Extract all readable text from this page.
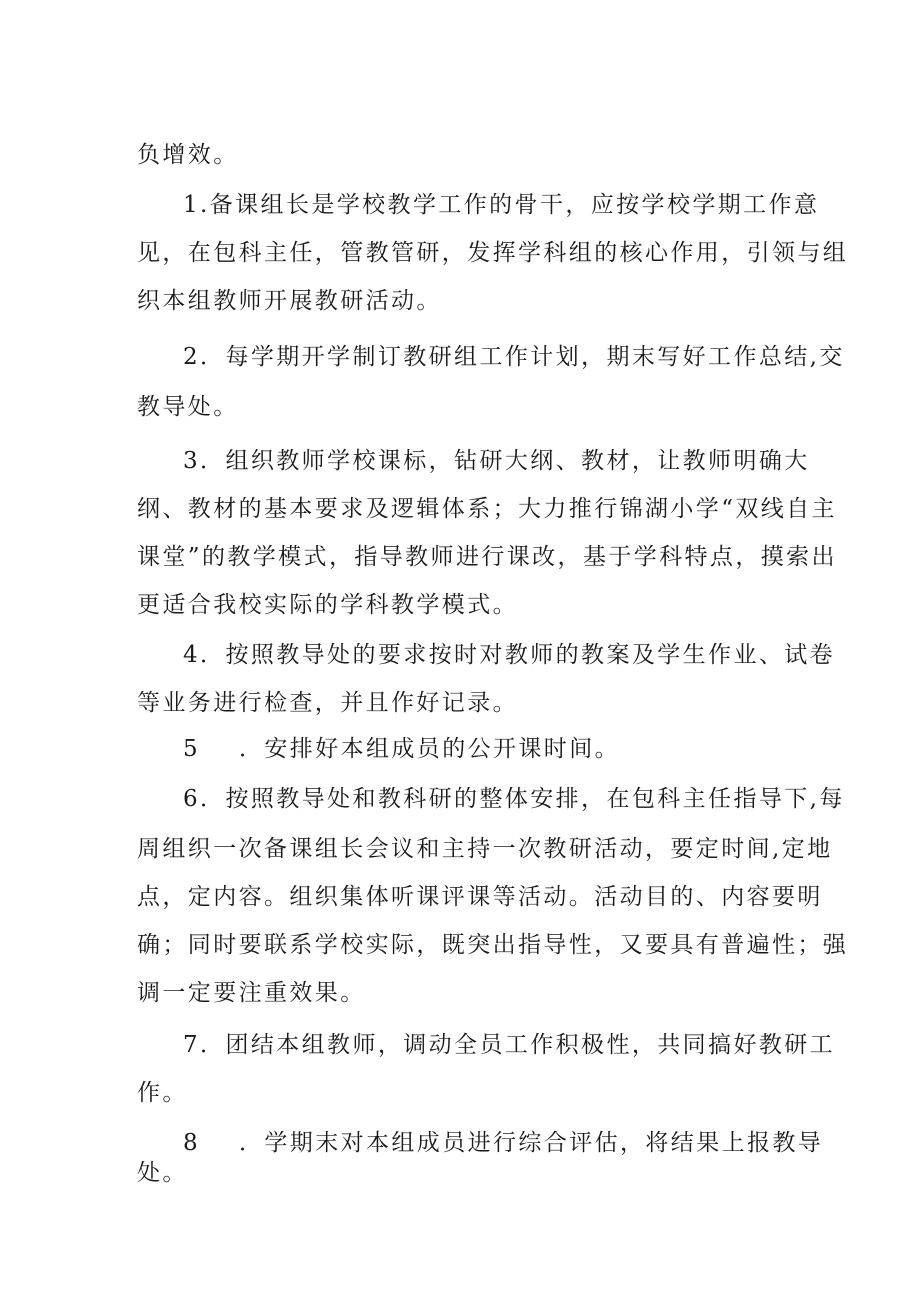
负增效。

1.备课组长是学校教学工作的骨干，应按学校学期工作意

见，在包科主任，管教管研，发挥学科组的核心作用，引领与组

织本组教师开展教研活动。

2．每学期开学制订教研组工作计划，期末写好工作总结,交

教导处。

3．组织教师学校课标，钻研大纲、教材，让教师明确大

纲、教材的基本要求及逻辑体系；大力推行锦湖小学“双线自主

课堂”的教学模式，指导教师进行课改，基于学科特点，摸索出

更适合我校实际的学科教学模式。

4．按照教导处的要求按时对教师的教案及学生作业、试卷

等业务进行检查，并且作好记录。

5 ．安排好本组成员的公开课时间。

6．按照教导处和教科研的整体安排，在包科主任指导下,每

周组织一次备课组长会议和主持一次教研活动，要定时间,定地

点，定内容。组织集体听课评课等活动。活动目的、内容要明

确；同时要联系学校实际，既突出指导性，又要具有普遍性；强

调一定要注重效果。

7．团结本组教师，调动全员工作积极性，共同搞好教研工

作。

8 ．学期末对本组成员进行综合评估，将结果上报教导

处。
